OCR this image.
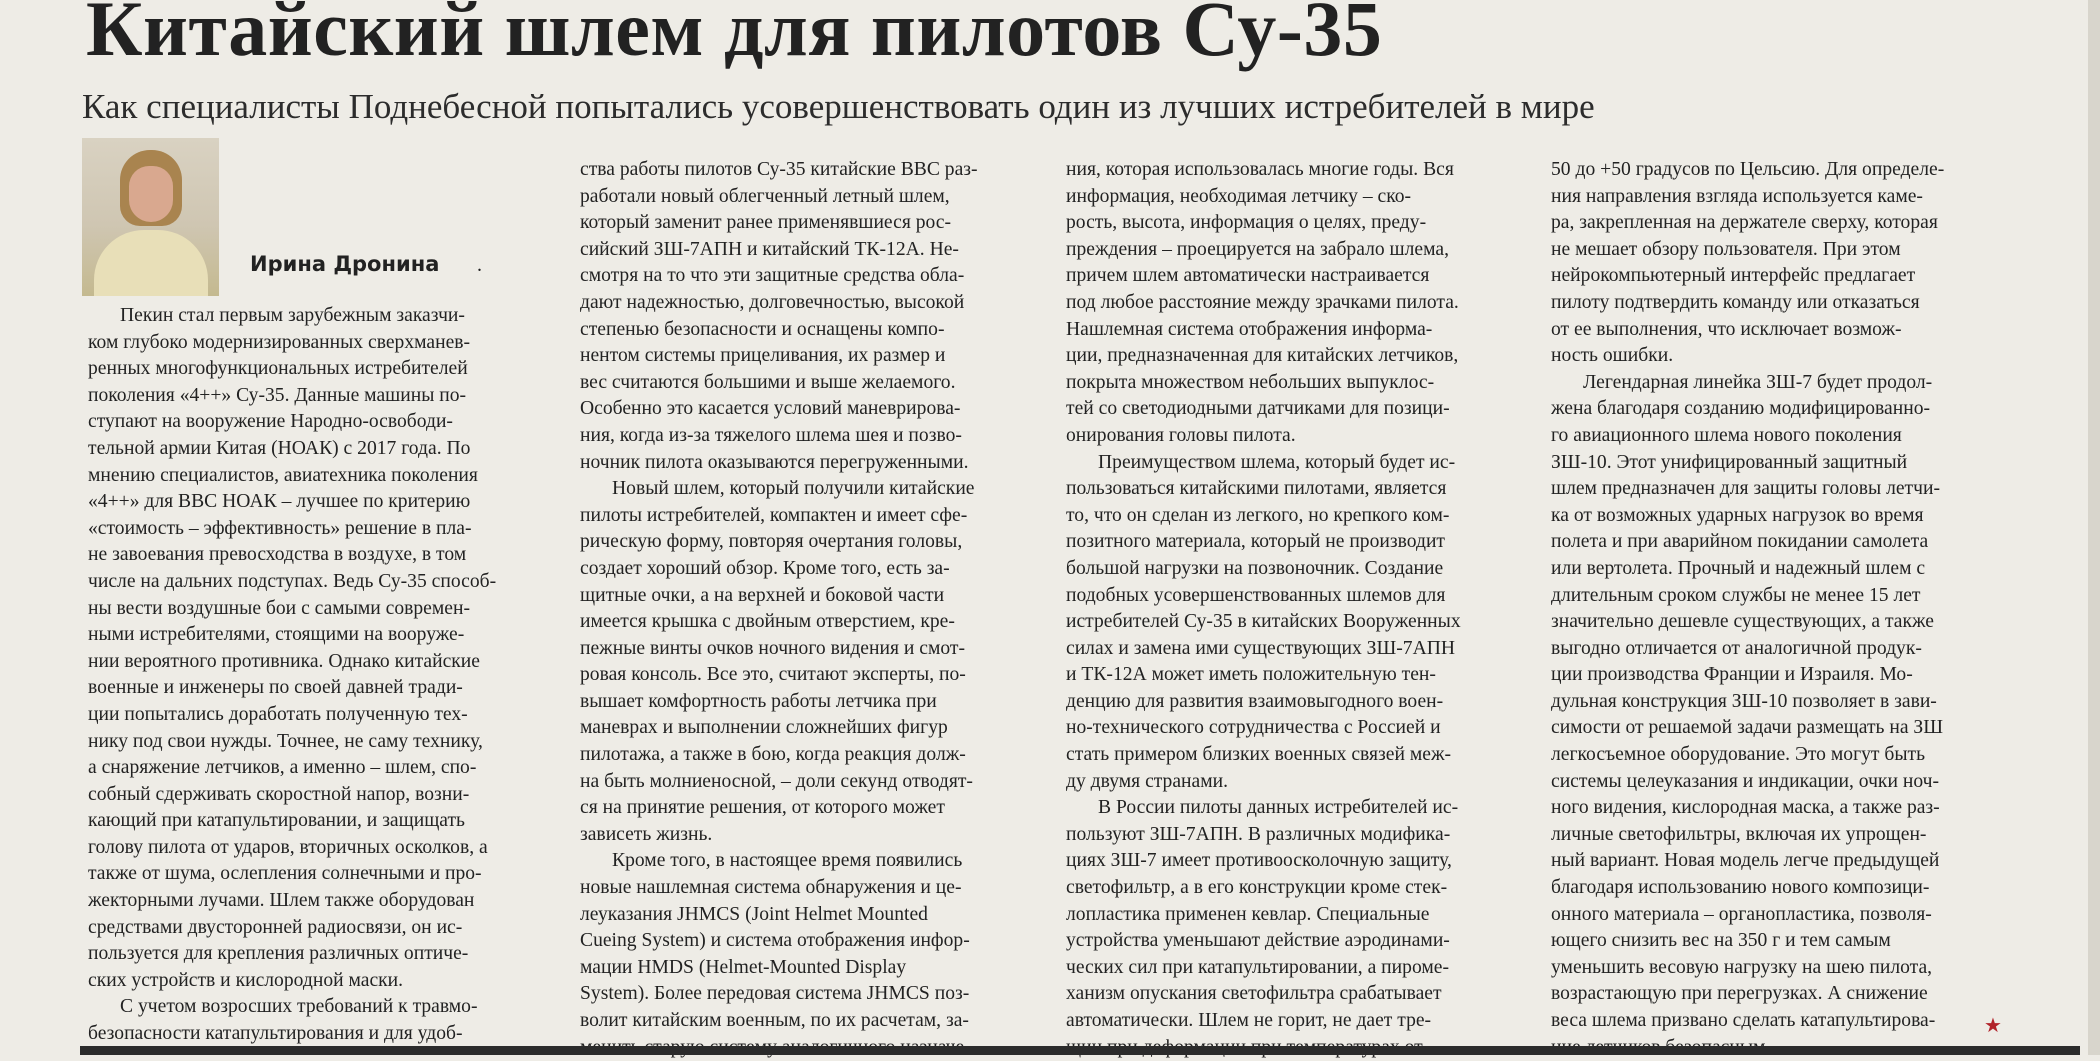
Китайский шлем для пилотов Су-35
Как специалисты Поднебесной попытались усовершенствовать один из лучших истребителей в мире
Ирина Дронина .
Пекин стал первым зарубежным заказчи-
ком глубоко модернизированных сверхманев-
ренных многофункциональных истребителей
поколения «4++» Су-35. Данные машины по-
ступают на вооружение Народно-освободи-
тельной армии Китая (НОАК) с 2017 года. По
мнению специалистов, авиатехника поколения
«4++» для ВВС НОАК – лучшее по критерию
«стоимость – эффективность» решение в пла-
не завоевания превосходства в воздухе, в том
числе на дальних подступах. Ведь Су-35 способ-
ны вести воздушные бои с самыми современ-
ными истребителями, стоящими на вооруже-
нии вероятного противника. Однако китайские
военные и инженеры по своей давней тради-
ции попытались доработать полученную тех-
нику под свои нужды. Точнее, не саму технику,
а снаряжение летчиков, а именно – шлем, спо-
собный сдерживать скоростной напор, возни-
кающий при катапультировании, и защищать
голову пилота от ударов, вторичных осколков, а
также от шума, ослепления солнечными и про-
жекторными лучами. Шлем также оборудован
средствами двусторонней радиосвязи, он ис-
пользуется для крепления различных оптиче-
ских устройств и кислородной маски.
С учетом возросших требований к травмо-
безопасности катапультирования и для удоб-
ства работы пилотов Су-35 китайские ВВС раз-
работали новый облегченный летный шлем,
который заменит ранее применявшиеся рос-
сийский ЗШ-7АПН и китайский ТК-12А. Не-
смотря на то что эти защитные средства обла-
дают надежностью, долговечностью, высокой
степенью безопасности и оснащены компо-
нентом системы прицеливания, их размер и
вес считаются большими и выше желаемого.
Особенно это касается условий маневрирова-
ния, когда из-за тяжелого шлема шея и позво-
ночник пилота оказываются перегруженными.
Новый шлем, который получили китайские
пилоты истребителей, компактен и имеет сфе-
рическую форму, повторяя очертания головы,
создает хороший обзор. Кроме того, есть за-
щитные очки, а на верхней и боковой части
имеется крышка с двойным отверстием, кре-
пежные винты очков ночного видения и смот-
ровая консоль. Все это, считают эксперты, по-
вышает комфортность работы летчика при
маневрах и выполнении сложнейших фигур
пилотажа, а также в бою, когда реакция долж-
на быть молниеносной, – доли секунд отводят-
ся на принятие решения, от которого может
зависеть жизнь.
Кроме того, в настоящее время появились
новые нашлемная система обнаружения и це-
леуказания JHMCS (Joint Helmet Mounted
Cueing System) и система отображения инфор-
мации HMDS (Helmet-Mounted Display
System). Более передовая система JHMCS поз-
волит китайским военным, по их расчетам, за-
ния, которая использовалась многие годы. Вся
информация, необходимая летчику – ско-
рость, высота, информация о целях, преду-
преждения – проецируется на забрало шлема,
причем шлем автоматически настраивается
под любое расстояние между зрачками пилота.
Нашлемная система отображения информа-
ции, предназначенная для китайских летчиков,
покрыта множеством небольших выпуклос-
тей со светодиодными датчиками для позици-
онирования головы пилота.
Преимуществом шлема, который будет ис-
пользоваться китайскими пилотами, является
то, что он сделан из легкого, но крепкого ком-
позитного материала, который не производит
большой нагрузки на позвоночник. Создание
подобных усовершенствованных шлемов для
истребителей Су-35 в китайских Вооруженных
силах и замена ими существующих ЗШ-7АПН
и ТК-12А может иметь положительную тен-
денцию для развития взаимовыгодного воен-
но-технического сотрудничества с Россией и
стать примером близких военных связей меж-
ду двумя странами.
В России пилоты данных истребителей ис-
пользуют ЗШ-7АПН. В различных модифика-
циях ЗШ-7 имеет противоосколочную защиту,
светофильтр, а в его конструкции кроме стек-
лопластика применен кевлар. Специальные
устройства уменьшают действие аэродинами-
ческих сил при катапультировании, а пироме-
ханизм опускания светофильтра срабатывает
автоматически. Шлем не горит, не дает тре-
50 до +50 градусов по Цельсию. Для определе-
ния направления взгляда используется каме-
ра, закрепленная на держателе сверху, которая
не мешает обзору пользователя. При этом
нейрокомпьютерный интерфейс предлагает
пилоту подтвердить команду или отказаться
от ее выполнения, что исключает возмож-
ность ошибки.
Легендарная линейка ЗШ-7 будет продол-
жена благодаря созданию модифицированно-
го авиационного шлема нового поколения
ЗШ-10. Этот унифицированный защитный
шлем предназначен для защиты головы летчи-
ка от возможных ударных нагрузок во время
полета и при аварийном покидании самолета
или вертолета. Прочный и надежный шлем с
длительным сроком службы не менее 15 лет
значительно дешевле существующих, а также
выгодно отличается от аналогичной продук-
ции производства Франции и Израиля. Мо-
дульная конструкция ЗШ-10 позволяет в зави-
симости от решаемой задачи размещать на ЗШ
легкосъемное оборудование. Это могут быть
системы целеуказания и индикации, очки ноч-
ного видения, кислородная маска, а также раз-
личные светофильтры, включая их упрощен-
ный вариант. Новая модель легче предыдущей
благодаря использованию нового композици-
онного материала – органопластика, позволя-
ющего снизить вес на 350 г и тем самым
уменьшить весовую нагрузку на шею пилота,
возрастающую при перегрузках. А снижение
веса шлема призвано сделать катапультирова-	★
